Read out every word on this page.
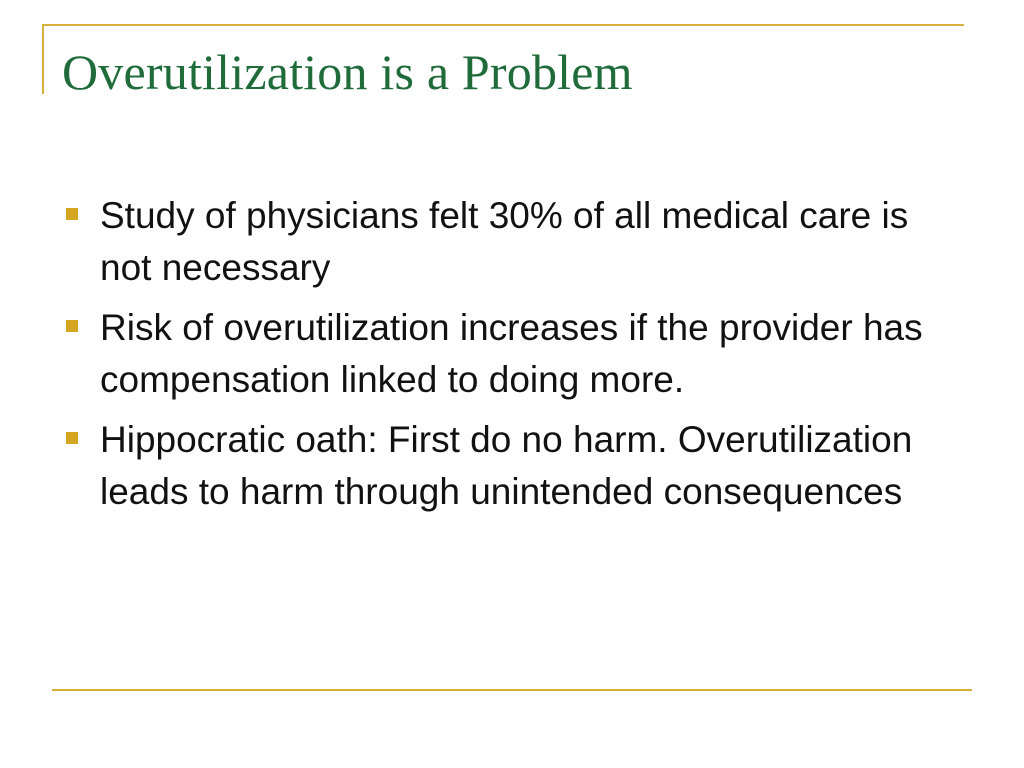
Overutilization is a Problem
Study of physicians felt 30% of all medical care is not necessary
Risk of overutilization increases if the provider has compensation linked to doing more.
Hippocratic oath: First do no harm. Overutilization leads to harm through unintended consequences
